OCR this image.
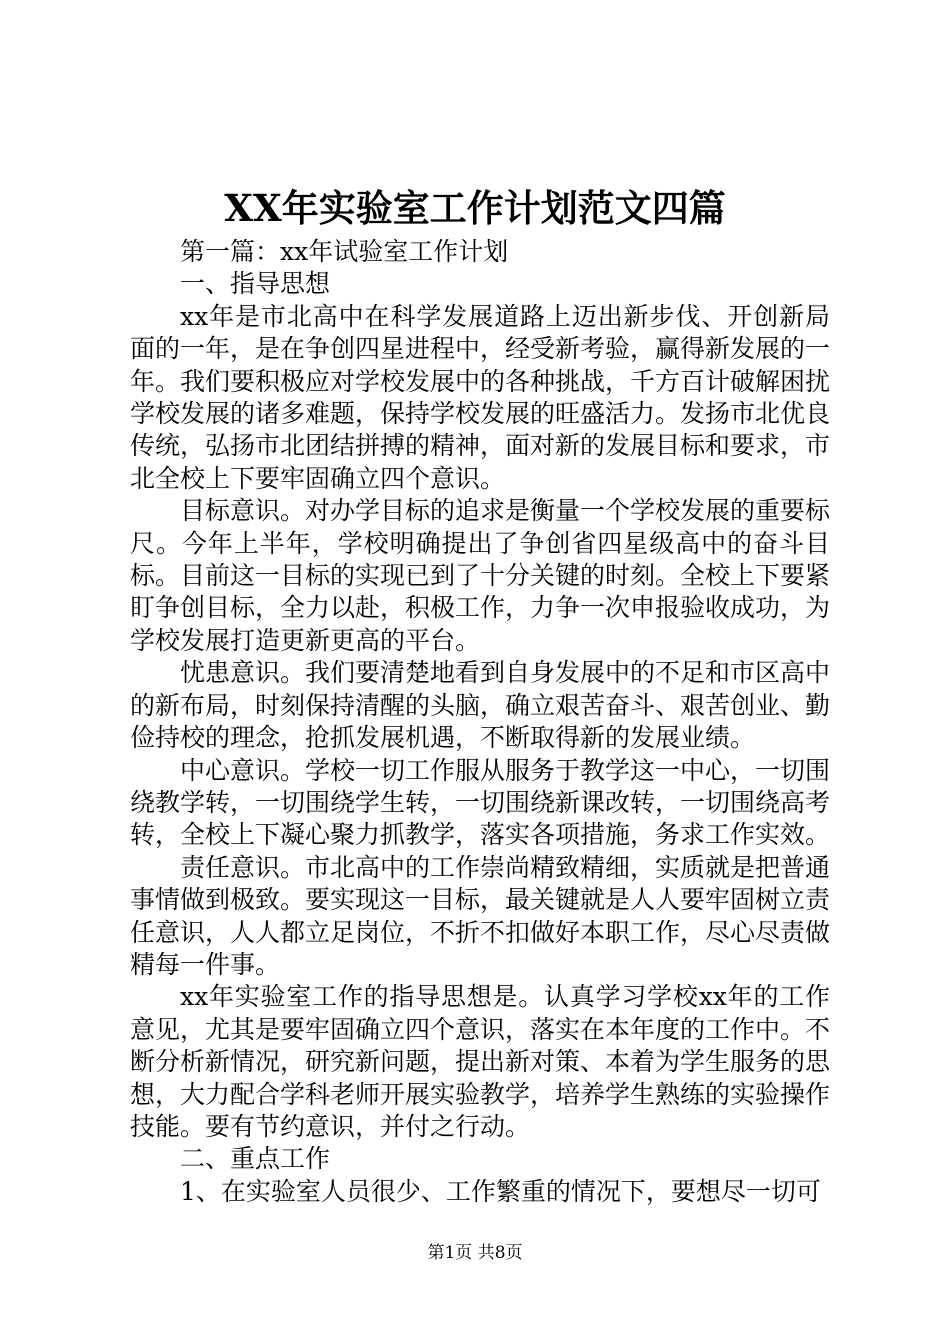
XX年实验室工作计划范文四篇

第一篇：xx年试验室工作计划

一、指导思想

xx年是市北高中在科学发展道路上迈出新步伐、开创新局面的一年，是在争创四星进程中，经受新考验，赢得新发展的一年。我们要积极应对学校发展中的各种挑战，千方百计破解困扰学校发展的诸多难题，保持学校发展的旺盛活力。发扬市北优良传统，弘扬市北团结拼搏的精神，面对新的发展目标和要求，市北全校上下要牢固确立四个意识。

目标意识。对办学目标的追求是衡量一个学校发展的重要标尺。今年上半年，学校明确提出了争创省四星级高中的奋斗目标。目前这一目标的实现已到了十分关键的时刻。全校上下要紧盯争创目标，全力以赴，积极工作，力争一次申报验收成功，为学校发展打造更新更高的平台。

忧患意识。我们要清楚地看到自身发展中的不足和市区高中的新布局，时刻保持清醒的头脑，确立艰苦奋斗、艰苦创业、勤俭持校的理念，抢抓发展机遇，不断取得新的发展业绩。

中心意识。学校一切工作服从服务于教学这一中心，一切围绕教学转，一切围绕学生转，一切围绕新课改转，一切围绕高考转，全校上下凝心聚力抓教学，落实各项措施，务求工作实效。

责任意识。市北高中的工作崇尚精致精细，实质就是把普通事情做到极致。要实现这一目标，最关键就是人人要牢固树立责任意识，人人都立足岗位，不折不扣做好本职工作，尽心尽责做精每一件事。

xx年实验室工作的指导思想是。认真学习学校xx年的工作意见，尤其是要牢固确立四个意识，落实在本年度的工作中。不断分析新情况，研究新问题，提出新对策、本着为学生服务的思想，大力配合学科老师开展实验教学，培养学生熟练的实验操作技能。要有节约意识，并付之行动。

二、重点工作

1、在实验室人员很少、工作繁重的情况下，要想尽一切可

第1页 共8页
